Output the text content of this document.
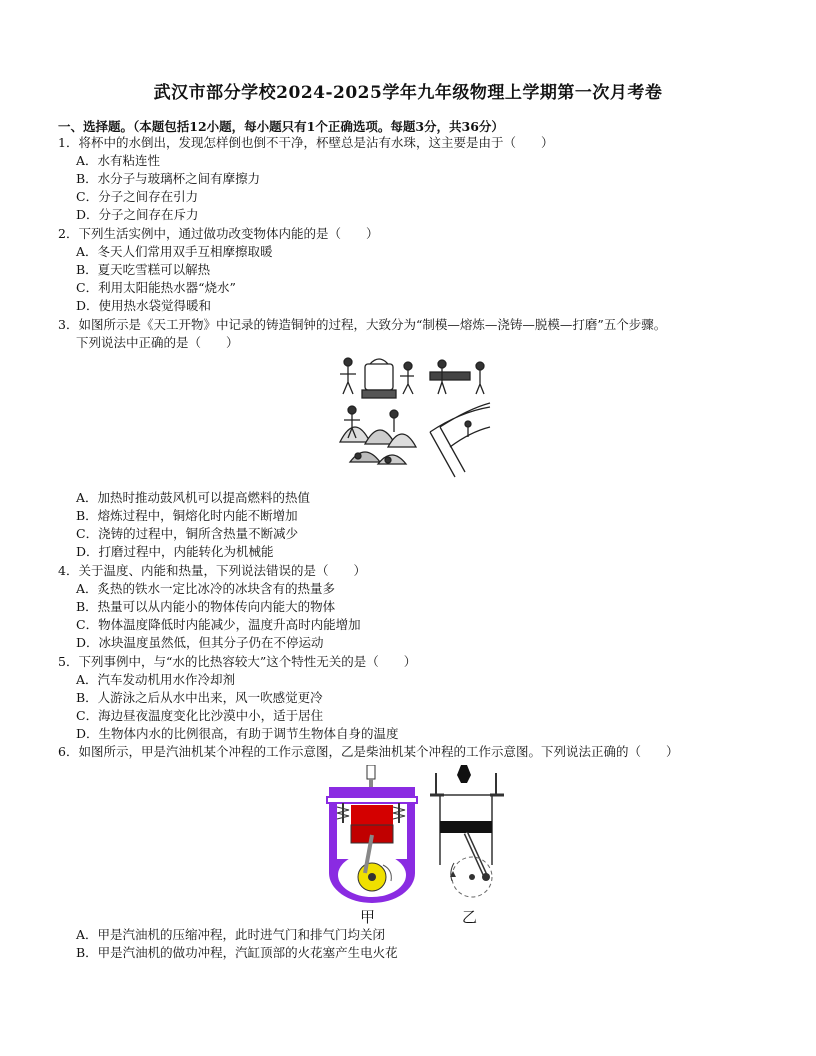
武汉市部分学校2024-2025学年九年级物理上学期第一次月考卷
一、选择题。（本题包括12小题，每小题只有1个正确选项。每题3分，共36分）
1．将杯中的水倒出，发现怎样倒也倒不干净，杯壁总是沾有水珠，这主要是由于（　　）
A．水有粘连性
B．水分子与玻璃杯之间有摩擦力
C．分子之间存在引力
D．分子之间存在斥力
2．下列生活实例中，通过做功改变物体内能的是（　　）
A．冬天人们常用双手互相摩擦取暖
B．夏天吃雪糕可以解热
C．利用太阳能热水器“烧水”
D．使用热水袋觉得暖和
3．如图所示是《天工开物》中记录的铸造铜钟的过程，大致分为“制模—熔炼—浇铸—脱模—打磨”五个步骤。
下列说法中正确的是（　　）
A．加热时推动鼓风机可以提高燃料的热值
B．熔炼过程中，铜熔化时内能不断增加
C．浇铸的过程中，铜所含热量不断减少
D．打磨过程中，内能转化为机械能
4．关于温度、内能和热量，下列说法错误的是（　　）
A．炙热的铁水一定比冰冷的冰块含有的热量多
B．热量可以从内能小的物体传向内能大的物体
C．物体温度降低时内能减少，温度升高时内能增加
D．冰块温度虽然低，但其分子仍在不停运动
5．下列事例中，与“水的比热容较大”这个特性无关的是（　　）
A．汽车发动机用水作冷却剂
B．人游泳之后从水中出来，风一吹感觉更冷
C．海边昼夜温度变化比沙漠中小，适于居住
D．生物体内水的比例很高，有助于调节生物体自身的温度
6．如图所示，甲是汽油机某个冲程的工作示意图，乙是柴油机某个冲程的工作示意图。下列说法正确的（　　）
甲	乙
A．甲是汽油机的压缩冲程，此时进气门和排气门均关闭
B．甲是汽油机的做功冲程，汽缸顶部的火花塞产生电火花
